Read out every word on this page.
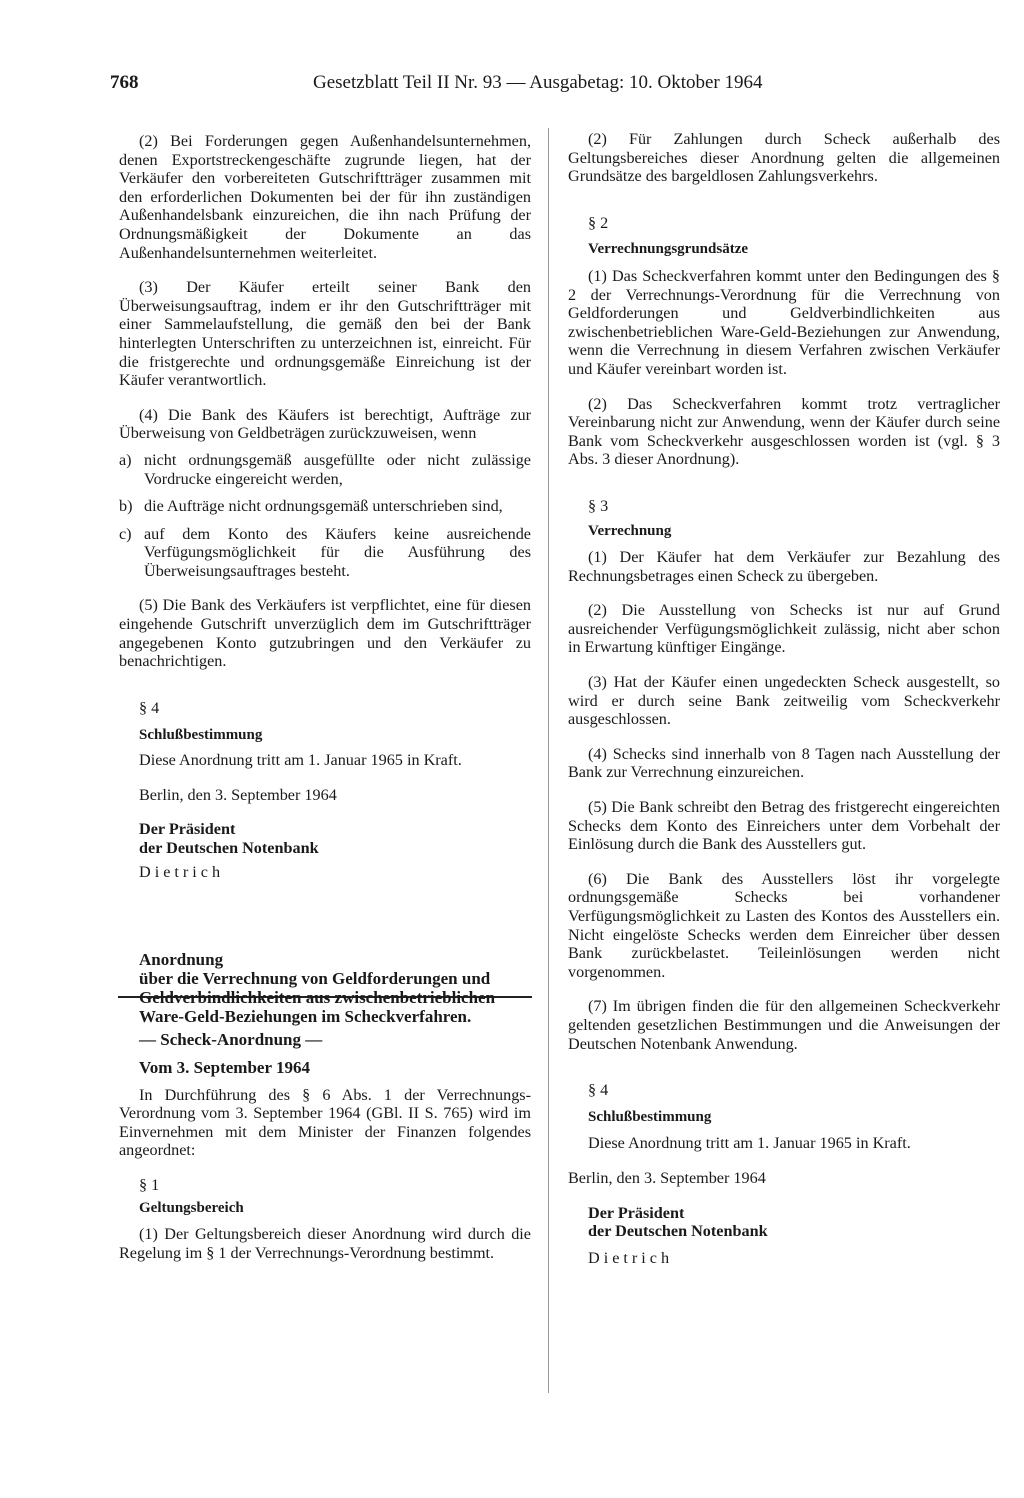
768	Gesetzblatt Teil II Nr. 93 — Ausgabetag: 10. Oktober 1964

(2) Bei Forderungen gegen Außenhandelsunternehmen, denen Exportstreckengeschäfte zugrunde liegen, hat der Verkäufer den vorbereiteten Gutschriftträger zusammen mit den erforderlichen Dokumenten bei der für ihn zuständigen Außenhandelsbank einzureichen, die ihn nach Prüfung der Ordnungsmäßigkeit der Dokumente an das Außenhandelsunternehmen weiterleitet.

(3) Der Käufer erteilt seiner Bank den Überweisungsauftrag, indem er ihr den Gutschriftträger mit einer Sammelaufstellung, die gemäß den bei der Bank hinterlegten Unterschriften zu unterzeichnen ist, einreicht. Für die fristgerechte und ordnungsgemäße Einreichung ist der Käufer verantwortlich.

(4) Die Bank des Käufers ist berechtigt, Aufträge zur Überweisung von Geldbeträgen zurückzuweisen, wenn

a) nicht ordnungsgemäß ausgefüllte oder nicht zulässige Vordrucke eingereicht werden,
b) die Aufträge nicht ordnungsgemäß unterschrieben sind,
c) auf dem Konto des Käufers keine ausreichende Verfügungsmöglichkeit für die Ausführung des Überweisungsauftrages besteht.

(5) Die Bank des Verkäufers ist verpflichtet, eine für diesen eingehende Gutschrift unverzüglich dem im Gutschriftträger angegebenen Konto gutzubringen und den Verkäufer zu benachrichtigen.

§ 4

Schlußbestimmung

Diese Anordnung tritt am 1. Januar 1965 in Kraft.

Berlin, den 3. September 1964

Der Präsident

der Deutschen Notenbank

Dietrich

Anordnung

über die Verrechnung von Geldforderungen und

Geldverbindlichkeiten aus zwischenbetrieblichen

Ware-Geld-Beziehungen im Scheckverfahren.

— Scheck-Anordnung —

Vom 3. September 1964

In Durchführung des § 6 Abs. 1 der Verrechnungs-Verordnung vom 3. September 1964 (GBl. II S. 765) wird im Einvernehmen mit dem Minister der Finanzen folgendes angeordnet:

§ 1

Geltungsbereich

(1) Der Geltungsbereich dieser Anordnung wird durch die Regelung im § 1 der Verrechnungs-Verordnung bestimmt.

(2) Für Zahlungen durch Scheck außerhalb des Geltungsbereiches dieser Anordnung gelten die allgemeinen Grundsätze des bargeldlosen Zahlungsverkehrs.

§ 2

Verrechnungsgrundsätze

(1) Das Scheckverfahren kommt unter den Bedingungen des § 2 der Verrechnungs-Verordnung für die Verrechnung von Geldforderungen und Geldverbindlichkeiten aus zwischenbetrieblichen Ware-Geld-Beziehungen zur Anwendung, wenn die Verrechnung in diesem Verfahren zwischen Verkäufer und Käufer vereinbart worden ist.

(2) Das Scheckverfahren kommt trotz vertraglicher Vereinbarung nicht zur Anwendung, wenn der Käufer durch seine Bank vom Scheckverkehr ausgeschlossen worden ist (vgl. § 3 Abs. 3 dieser Anordnung).

§ 3

Verrechnung

(1) Der Käufer hat dem Verkäufer zur Bezahlung des Rechnungsbetrages einen Scheck zu übergeben.

(2) Die Ausstellung von Schecks ist nur auf Grund ausreichender Verfügungsmöglichkeit zulässig, nicht aber schon in Erwartung künftiger Eingänge.

(3) Hat der Käufer einen ungedeckten Scheck ausgestellt, so wird er durch seine Bank zeitweilig vom Scheckverkehr ausgeschlossen.

(4) Schecks sind innerhalb von 8 Tagen nach Ausstellung der Bank zur Verrechnung einzureichen.

(5) Die Bank schreibt den Betrag des fristgerecht eingereichten Schecks dem Konto des Einreichers unter dem Vorbehalt der Einlösung durch die Bank des Ausstellers gut.

(6) Die Bank des Ausstellers löst ihr vorgelegte ordnungsgemäße Schecks bei vorhandener Verfügungsmöglichkeit zu Lasten des Kontos des Ausstellers ein. Nicht eingelöste Schecks werden dem Einreicher über dessen Bank zurückbelastet. Teileinlösungen werden nicht vorgenommen.

(7) Im übrigen finden die für den allgemeinen Scheckverkehr geltenden gesetzlichen Bestimmungen und die Anweisungen der Deutschen Notenbank Anwendung.

§ 4

Schlußbestimmung

Diese Anordnung tritt am 1. Januar 1965 in Kraft.

Berlin, den 3. September 1964

Der Präsident

der Deutschen Notenbank

Dietrich
